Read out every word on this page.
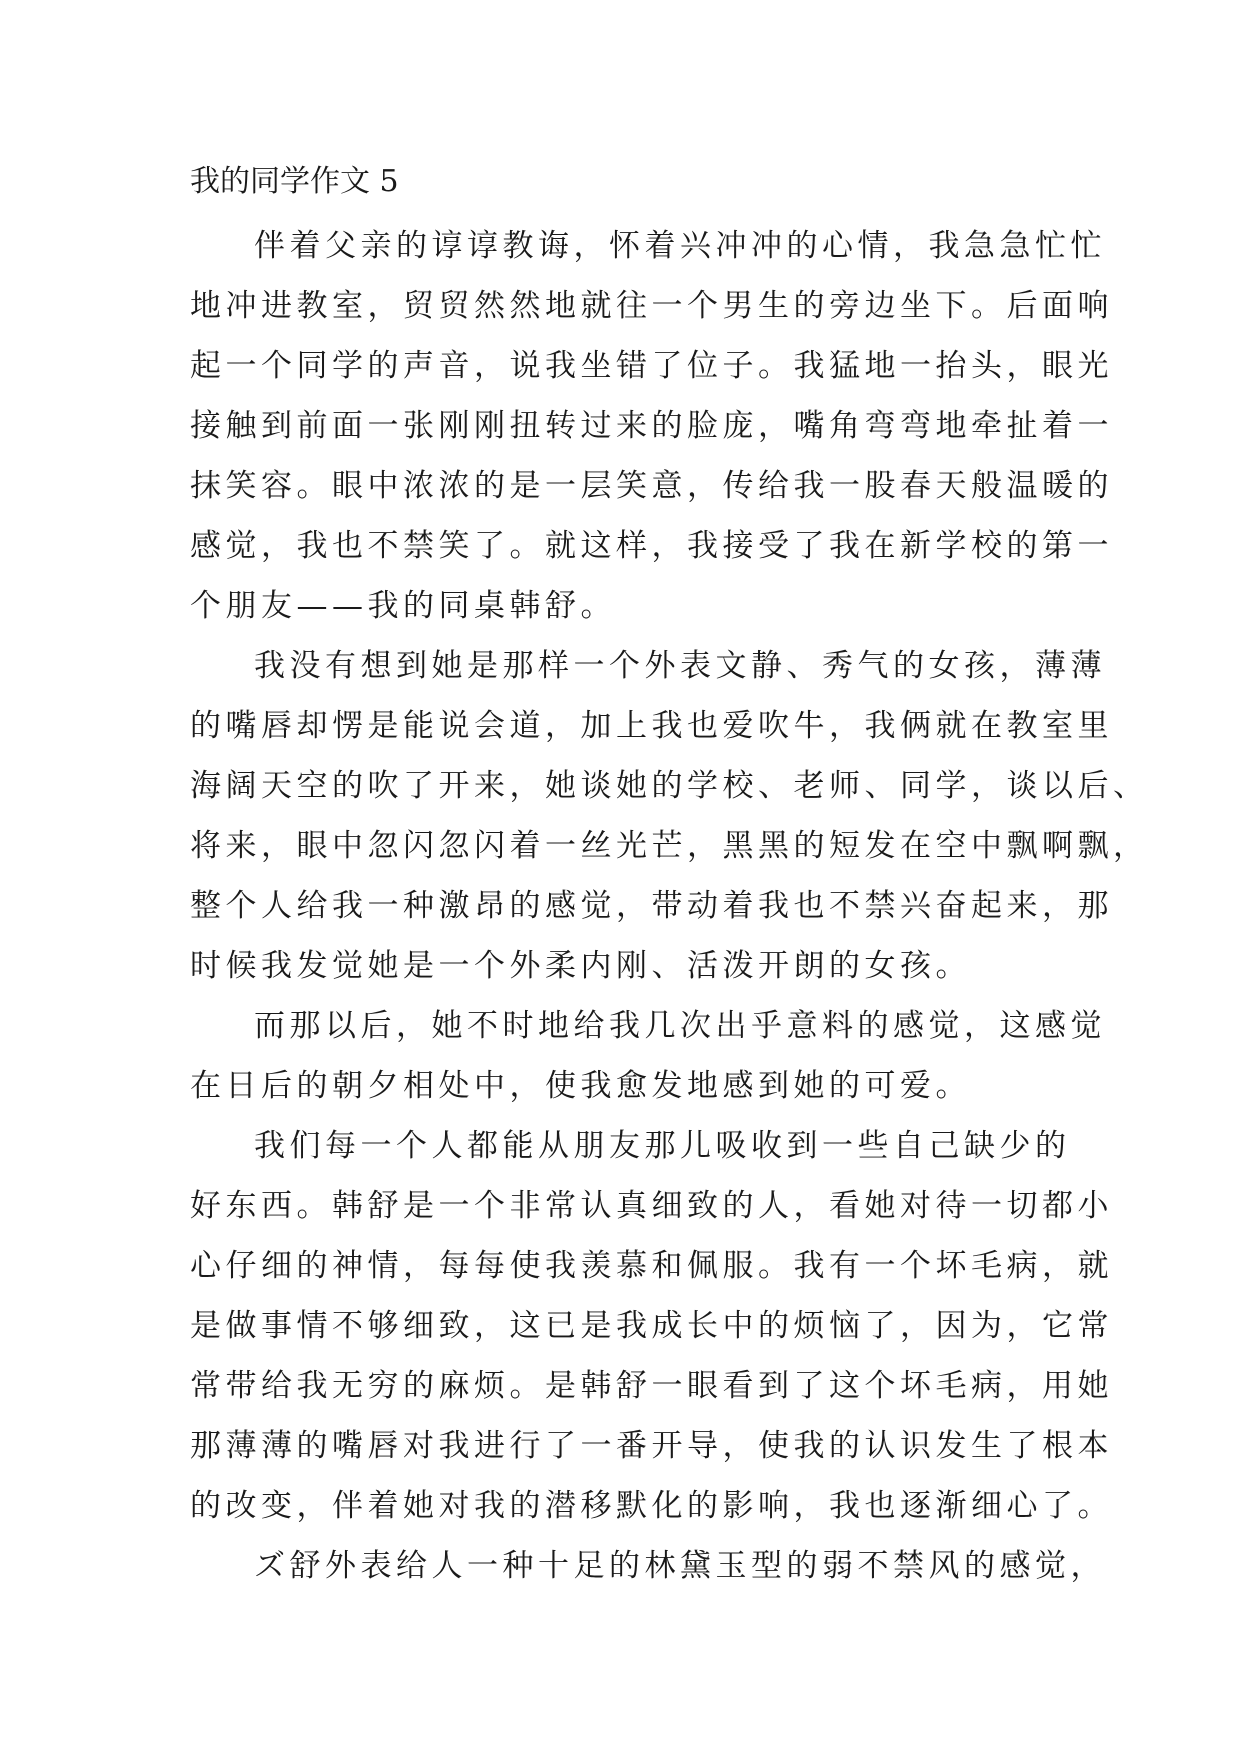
我的同学作文 5
伴着父亲的谆谆教诲，怀着兴冲冲的心情，我急急忙忙
地冲进教室，贸贸然然地就往一个男生的旁边坐下。后面响
起一个同学的声音，说我坐错了位子。我猛地一抬头，眼光
接触到前面一张刚刚扭转过来的脸庞，嘴角弯弯地牵扯着一
抹笑容。眼中浓浓的是一层笑意，传给我一股春天般温暖的
感觉，我也不禁笑了。就这样，我接受了我在新学校的第一
个朋友——我的同桌韩舒。
我没有想到她是那样一个外表文静、秀气的女孩，薄薄
的嘴唇却愣是能说会道，加上我也爱吹牛，我俩就在教室里
海阔天空的吹了开来，她谈她的学校、老师、同学，谈以后、
将来，眼中忽闪忽闪着一丝光芒，黑黑的短发在空中飘啊飘，
整个人给我一种激昂的感觉，带动着我也不禁兴奋起来，那
时候我发觉她是一个外柔内刚、活泼开朗的女孩。
而那以后，她不时地给我几次出乎意料的感觉，这感觉
在日后的朝夕相处中，使我愈发地感到她的可爱。
我们每一个人都能从朋友那儿吸收到一些自己缺少的
好东西。韩舒是一个非常认真细致的人，看她对待一切都小
心仔细的神情，每每使我羡慕和佩服。我有一个坏毛病，就
是做事情不够细致，这已是我成长中的烦恼了，因为，它常
常带给我无穷的麻烦。是韩舒一眼看到了这个坏毛病，用她
那薄薄的嘴唇对我进行了一番开导，使我的认识发生了根本
的改变，伴着她对我的潜移默化的影响，我也逐渐细心了。
ズ舒外表给人一种十足的林黛玉型的弱不禁风的感觉，
